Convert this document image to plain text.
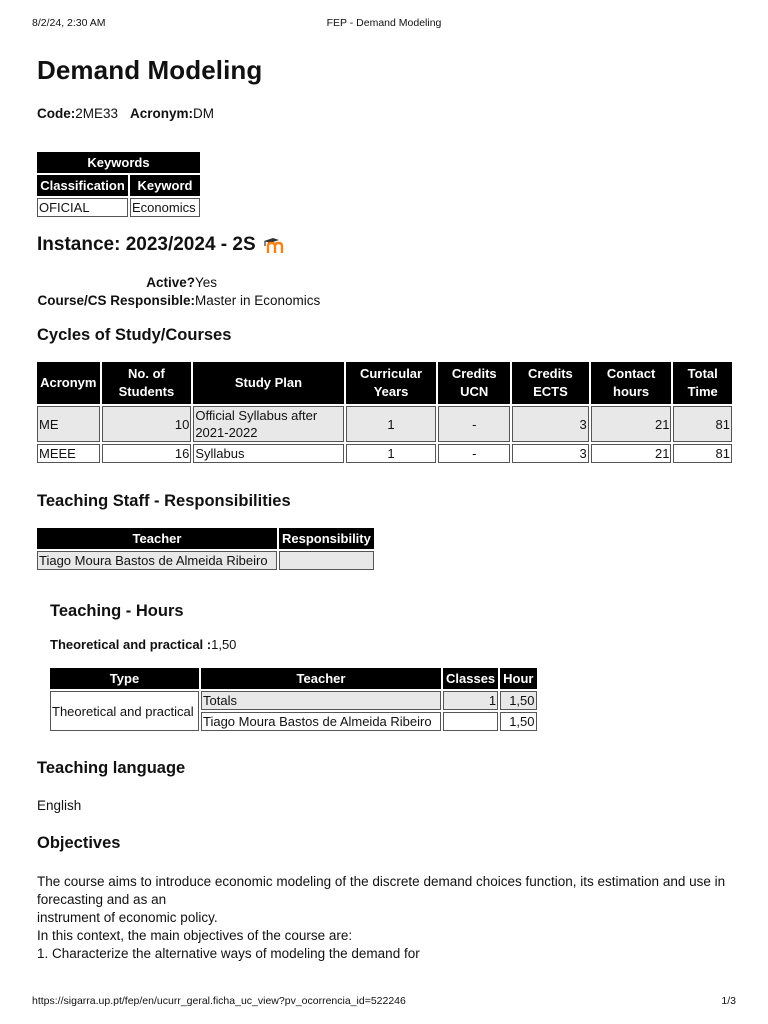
8/2/24, 2:30 AM	FEP - Demand Modeling
Demand Modeling
Code:2ME33 Acronym:DM
Keywords	
Classification	Keyword
OFICIAL	Economics
Instance: 2023/2024 - 2S
Active? Yes
Course/CS Responsible: Master in Economics
Cycles of Study/Courses
Acronym	No. of Students	Study Plan	Curricular Years	Credits UCN	Credits ECTS	Contact hours	Total Time
ME	10	Official Syllabus after 2021-2022	1	-	3	21	81
MEEE	16	Syllabus	1	-	3	21	81
Teaching Staff - Responsibilities
Teacher	Responsibility
Tiago Moura Bastos de Almeida Ribeiro	
Teaching - Hours
Theoretical and practical :1,50
Type	Teacher	Classes	Hour
Theoretical and practical	Totals	1	1,50
	Tiago Moura Bastos de Almeida Ribeiro		1,50
Teaching language
English
Objectives
The course aims to introduce economic modeling of the discrete demand choices function, its estimation and use in forecasting and as an
instrument of economic policy.
In this context, the main objectives of the course are:
1. Characterize the alternative ways of modeling the demand for
https://sigarra.up.pt/fep/en/ucurr_geral.ficha_uc_view?pv_ocorrencia_id=522246	1/3
